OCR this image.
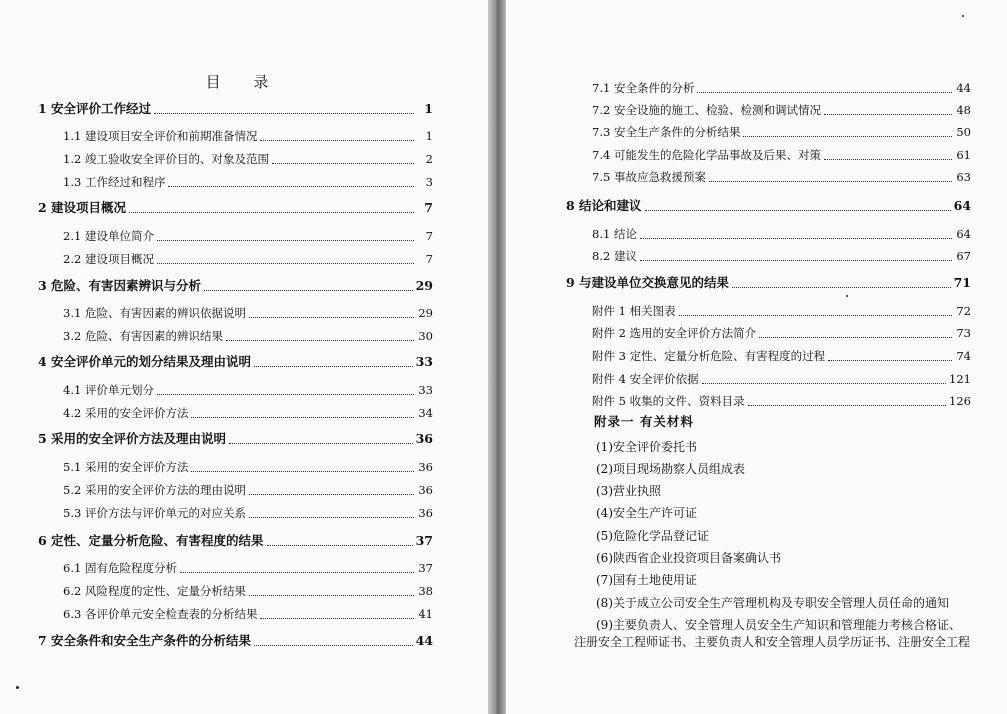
目 录
1 安全评价工作经过	1
1.1 建设项目安全评价和前期准备情况	1
1.2 竣工验收安全评价目的、对象及范围	2
1.3 工作经过和程序	3
2 建设项目概况	7
2.1 建设单位简介	7
2.2 建设项目概况	7
3 危险、有害因素辨识与分析	29
3.1 危险、有害因素的辨识依据说明	29
3.2 危险、有害因素的辨识结果	30
4 安全评价单元的划分结果及理由说明	33
4.1 评价单元划分	33
4.2 采用的安全评价方法	34
5 采用的安全评价方法及理由说明	36
5.1 采用的安全评价方法	36
5.2 采用的安全评价方法的理由说明	36
5.3 评价方法与评价单元的对应关系	36
6 定性、定量分析危险、有害程度的结果	37
6.1 固有危险程度分析	37
6.2 风险程度的定性、定量分析结果	38
6.3 各评价单元安全检查表的分析结果	41
7 安全条件和安全生产条件的分析结果	44
7.1 安全条件的分析	44
7.2 安全设施的施工、检验、检测和调试情况	48
7.3 安全生产条件的分析结果	50
7.4 可能发生的危险化学品事故及后果、对策	61
7.5 事故应急救援预案	63
8 结论和建议	64
8.1 结论	64
8.2 建议	67
9 与建设单位交换意见的结果	71
附件 1 相关图表	72
附件 2 选用的安全评价方法简介	73
附件 3 定性、定量分析危险、有害程度的过程	74
附件 4 安全评价依据	121
附件 5 收集的文件、资料目录	126
附录一 有关材料
(1)安全评价委托书
(2)项目现场勘察人员组成表
(3)营业执照
(4)安全生产许可证
(5)危险化学品登记证
(6)陕西省企业投资项目备案确认书
(7)国有土地使用证
(8)关于成立公司安全生产管理机构及专职安全管理人员任命的通知
(9)主要负责人、安全管理人员安全生产知识和管理能力考核合格证、
注册安全工程师证书、主要负责人和安全管理人员学历证书、注册安全工程
